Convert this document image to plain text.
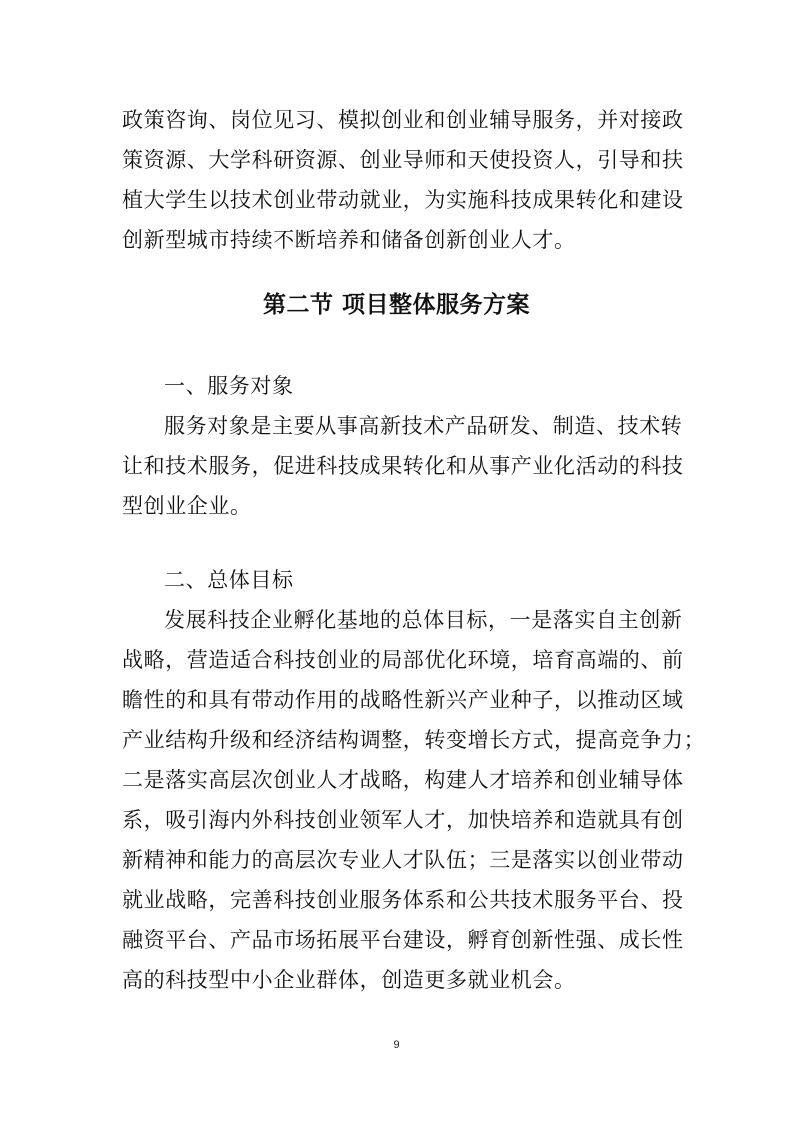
政策咨询、岗位见习、模拟创业和创业辅导服务，并对接政
策资源、大学科研资源、创业导师和天使投资人，引导和扶
植大学生以技术创业带动就业，为实施科技成果转化和建设
创新型城市持续不断培养和储备创新创业人才。
第二节 项目整体服务方案
一、服务对象
服务对象是主要从事高新技术产品研发、制造、技术转
让和技术服务，促进科技成果转化和从事产业化活动的科技
型创业企业。
二、总体目标
发展科技企业孵化基地的总体目标，一是落实自主创新
战略，营造适合科技创业的局部优化环境，培育高端的、前
瞻性的和具有带动作用的战略性新兴产业种子，以推动区域
产业结构升级和经济结构调整，转变增长方式，提高竞争力；
二是落实高层次创业人才战略，构建人才培养和创业辅导体
系，吸引海内外科技创业领军人才，加快培养和造就具有创
新精神和能力的高层次专业人才队伍；三是落实以创业带动
就业战略，完善科技创业服务体系和公共技术服务平台、投
融资平台、产品市场拓展平台建设，孵育创新性强、成长性
高的科技型中小企业群体，创造更多就业机会。
9
